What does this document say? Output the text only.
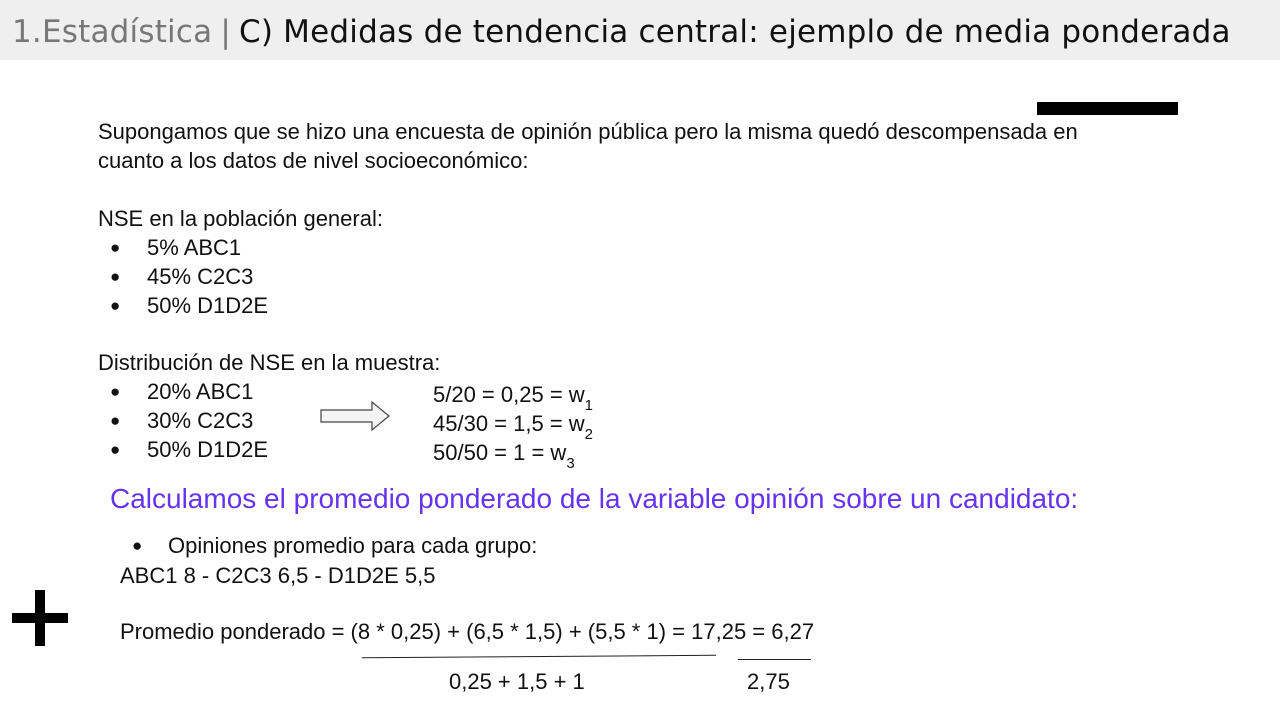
1.Estadística | C) Medidas de tendencia central: ejemplo de media ponderada
Supongamos que se hizo una encuesta de opinión pública pero la misma quedó descompensada en
cuanto a los datos de nivel socioeconómico:
NSE en la población general:
● 5% ABC1
● 45% C2C3
● 50% D1D2E
Distribución de NSE en la muestra:
● 20% ABC1
● 30% C2C3
● 50% D1D2E
$5/20 = 0,25 = w_1$
$45/30 = 1,5 = w_2$
$50/50 = 1 = w_3$
Calculamos el promedio ponderado de la variable opinión sobre un candidato:
● Opiniones promedio para cada grupo:
ABC1 8 - C2C3 6,5 - D1D2E 5,5
Promedio ponderado = (8 * 0,25) + (6,5 * 1,5) + (5,5 * 1) = 17,25 = 6,27
0,25 + 1,5 + 1	2,75
